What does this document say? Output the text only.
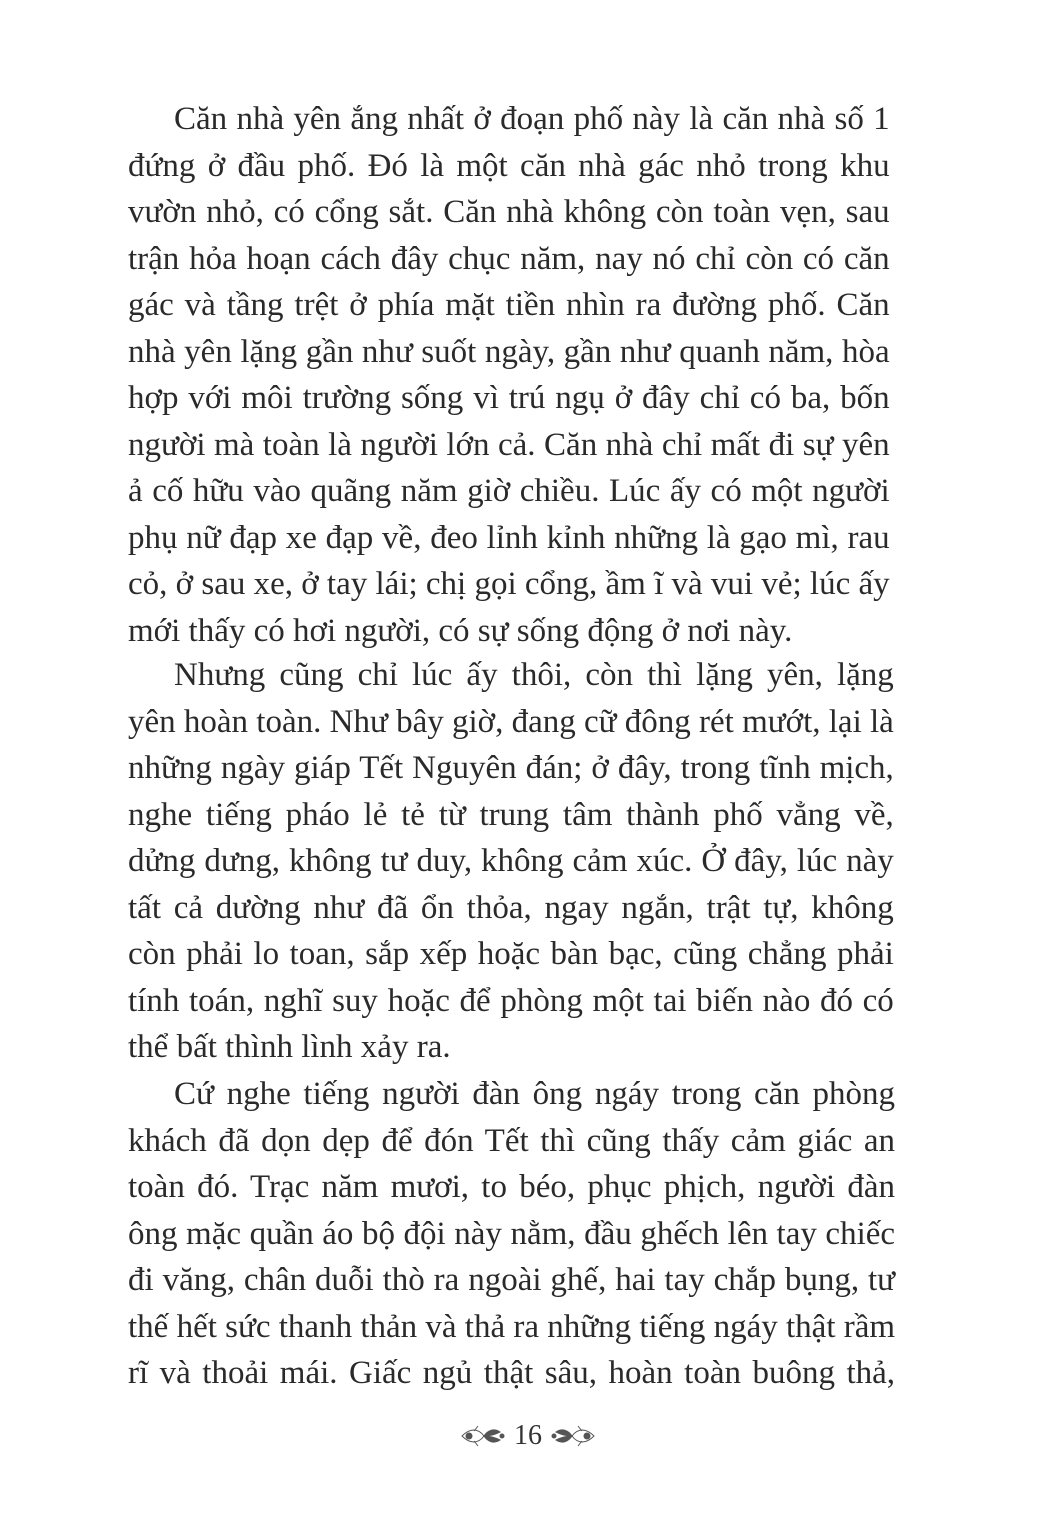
Căn nhà yên ắng nhất ở đoạn phố này là căn nhà số 1
đứng ở đầu phố. Đó là một căn nhà gác nhỏ trong khu
vườn nhỏ, có cổng sắt. Căn nhà không còn toàn vẹn, sau
trận hỏa hoạn cách đây chục năm, nay nó chỉ còn có căn
gác và tầng trệt ở phía mặt tiền nhìn ra đường phố. Căn
nhà yên lặng gần như suốt ngày, gần như quanh năm, hòa
hợp với môi trường sống vì trú ngụ ở đây chỉ có ba, bốn
người mà toàn là người lớn cả. Căn nhà chỉ mất đi sự yên
ả cố hữu vào quãng năm giờ chiều. Lúc ấy có một người
phụ nữ đạp xe đạp về, đeo lỉnh kỉnh những là gạo mì, rau
cỏ, ở sau xe, ở tay lái; chị gọi cổng, ầm ĩ và vui vẻ; lúc ấy
mới thấy có hơi người, có sự sống động ở nơi này.

Nhưng cũng chỉ lúc ấy thôi, còn thì lặng yên, lặng
yên hoàn toàn. Như bây giờ, đang cữ đông rét mướt, lại là
những ngày giáp Tết Nguyên đán; ở đây, trong tĩnh mịch,
nghe tiếng pháo lẻ tẻ từ trung tâm thành phố vẳng về,
dửng dưng, không tư duy, không cảm xúc. Ở đây, lúc này
tất cả dường như đã ổn thỏa, ngay ngắn, trật tự, không
còn phải lo toan, sắp xếp hoặc bàn bạc, cũng chẳng phải
tính toán, nghĩ suy hoặc để phòng một tai biến nào đó có
thể bất thình lình xảy ra.

Cứ nghe tiếng người đàn ông ngáy trong căn phòng
khách đã dọn dẹp để đón Tết thì cũng thấy cảm giác an
toàn đó. Trạc năm mươi, to béo, phục phịch, người đàn
ông mặc quần áo bộ đội này nằm, đầu ghếch lên tay chiếc
đi văng, chân duỗi thò ra ngoài ghế, hai tay chắp bụng, tư
thế hết sức thanh thản và thả ra những tiếng ngáy thật rầm
rĩ và thoải mái. Giấc ngủ thật sâu, hoàn toàn buông thả,

16
